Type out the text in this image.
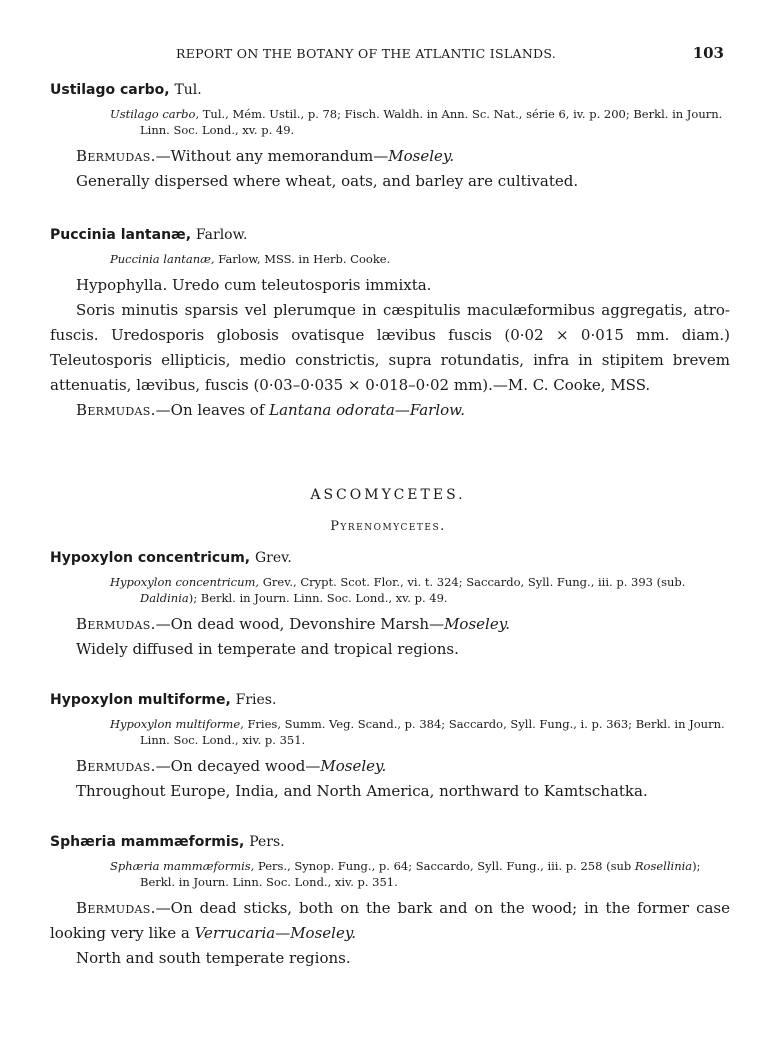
REPORT ON THE BOTANY OF THE ATLANTIC ISLANDS.	103

Ustilago carbo, Tul.

Ustilago carbo, Tul., Mém. Ustil., p. 78; Fisch. Waldh. in Ann. Sc. Nat., série 6, iv. p. 200; Berkl. in Journ. Linn. Soc. Lond., xv. p. 49.

Bermudas.—Without any memorandum—Moseley.

Generally dispersed where wheat, oats, and barley are cultivated.

Puccinia lantanæ, Farlow.

Puccinia lantanæ, Farlow, MSS. in Herb. Cooke.

Hypophylla. Uredo cum teleutosporis immixta.

Soris minutis sparsis vel plerumque in cæspitulis maculæformibus aggregatis, atro-fuscis. Uredosporis globosis ovatisque lævibus fuscis (0·02 × 0·015 mm. diam.) Teleutosporis ellipticis, medio constrictis, supra rotundatis, infra in stipitem brevem attenuatis, lævibus, fuscis (0·03–0·035 × 0·018–0·02 mm).—M. C. Cooke, MSS.

Bermudas.—On leaves of Lantana odorata—Farlow.

ASCOMYCETES.
Pyrenomycetes.

Hypoxylon concentricum, Grev.

Hypoxylon concentricum, Grev., Crypt. Scot. Flor., vi. t. 324; Saccardo, Syll. Fung., iii. p. 393 (sub. Daldinia); Berkl. in Journ. Linn. Soc. Lond., xv. p. 49.

Bermudas.—On dead wood, Devonshire Marsh—Moseley.

Widely diffused in temperate and tropical regions.

Hypoxylon multiforme, Fries.

Hypoxylon multiforme, Fries, Summ. Veg. Scand., p. 384; Saccardo, Syll. Fung., i. p. 363; Berkl. in Journ. Linn. Soc. Lond., xiv. p. 351.

Bermudas.—On decayed wood—Moseley.

Throughout Europe, India, and North America, northward to Kamtschatka.

Sphæria mammæformis, Pers.

Sphæria mammæformis, Pers., Synop. Fung., p. 64; Saccardo, Syll. Fung., iii. p. 258 (sub Rosellinia); Berkl. in Journ. Linn. Soc. Lond., xiv. p. 351.

Bermudas.—On dead sticks, both on the bark and on the wood; in the former case looking very like a Verrucaria—Moseley.

North and south temperate regions.
